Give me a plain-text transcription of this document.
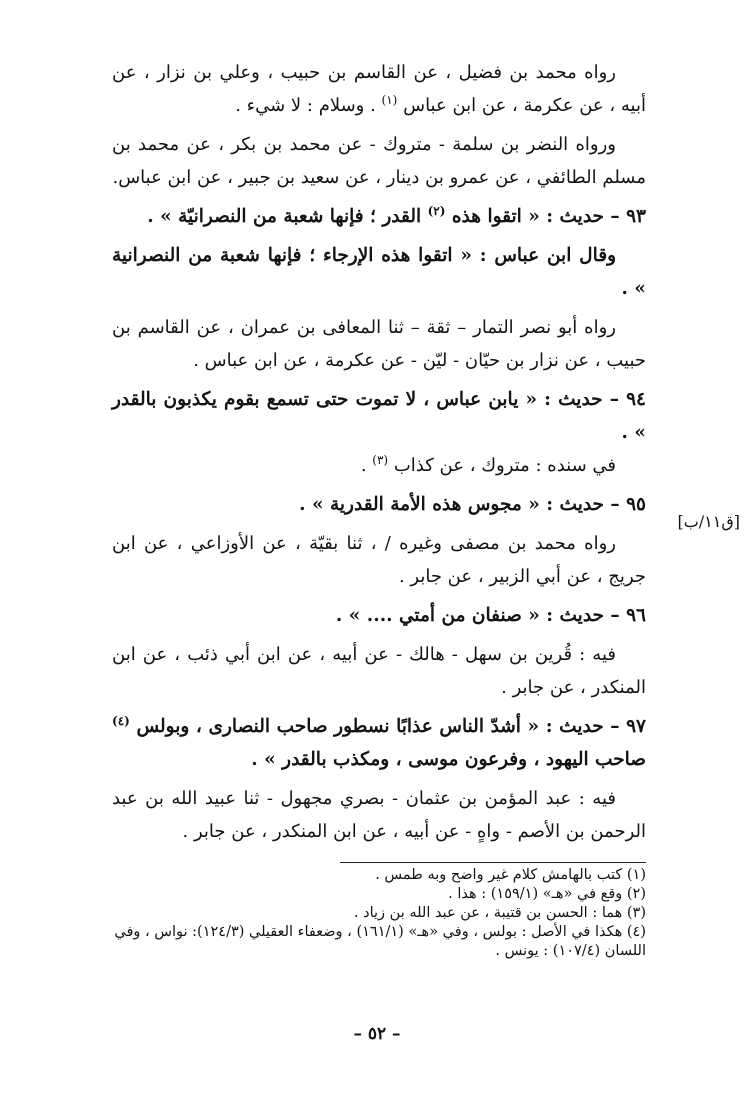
رواه محمد بن فضيل ، عن القاسم بن حبيب ، وعلي بن نزار ، عن أبيه ، عن عكرمة ، عن ابن عباس $^{(١)}$ . وسلام : لا شيء .

ورواه النضر بن سلمة - متروك - عن محمد بن بكر ، عن محمد بن مسلم الطائفي ، عن عمرو بن دينار ، عن سعيد بن جبير ، عن ابن عباس.

٩٣ – حديث : « اتقوا هذه $^{(٢)}$ القدر ؛ فإنها شعبة من النصرانيّة » .

وقال ابن عباس : « اتقوا هذه الإرجاء ؛ فإنها شعبة من النصرانية » .

رواه أبو نصر التمار – ثقة – ثنا المعافى بن عمران ، عن القاسم بن حبيب ، عن نزار بن حيّان - ليّن - عن عكرمة ، عن ابن عباس .

٩٤ – حديث : « يابن عباس ، لا تموت حتى تسمع بقوم يكذبون بالقدر » .

في سنده : متروك ، عن كذاب $^{(٣)}$ .

٩٥ – حديث : « مجوس هذه الأمة القدرية » .

رواه محمد بن مصفى وغيره / ، ثنا بقيّة ، عن الأوزاعي ، عن ابن جريج ، عن أبي الزبير ، عن جابر .

٩٦ – حديث : « صنفان من أمتي .... » .

فيه : قُرين بن سهل - هالك - عن أبيه ، عن ابن أبي ذئب ، عن ابن المنكدر ، عن جابر .

٩٧ – حديث : « أشدّ الناس عذابًا نسطور صاحب النصارى ، وبولس $^{(٤)}$ صاحب اليهود ، وفرعون موسى ، ومكذب بالقدر » .

فيه : عبد المؤمن بن عثمان - بصري مجهول - ثنا عبيد الله بن عبد الرحمن بن الأصم - واهٍ - عن أبيه ، عن ابن المنكدر ، عن جابر .

[ق١١/ب]

(١) كتب بالهامش كلام غير واضح وبه طمس .

(٢) وقع في «هـ» (١٥٩/١) : هذا .

(٣) هما : الحسن بن قتيبة ، عن عبد الله بن زياد .

(٤) هكذا في الأصل : بولس ، وفي «هـ» (١٦١/١) ، وضعفاء العقيلي (١٢٤/٣): نواس ، وفي اللسان (١٠٧/٤) : يونس .

– ٥٢ –
